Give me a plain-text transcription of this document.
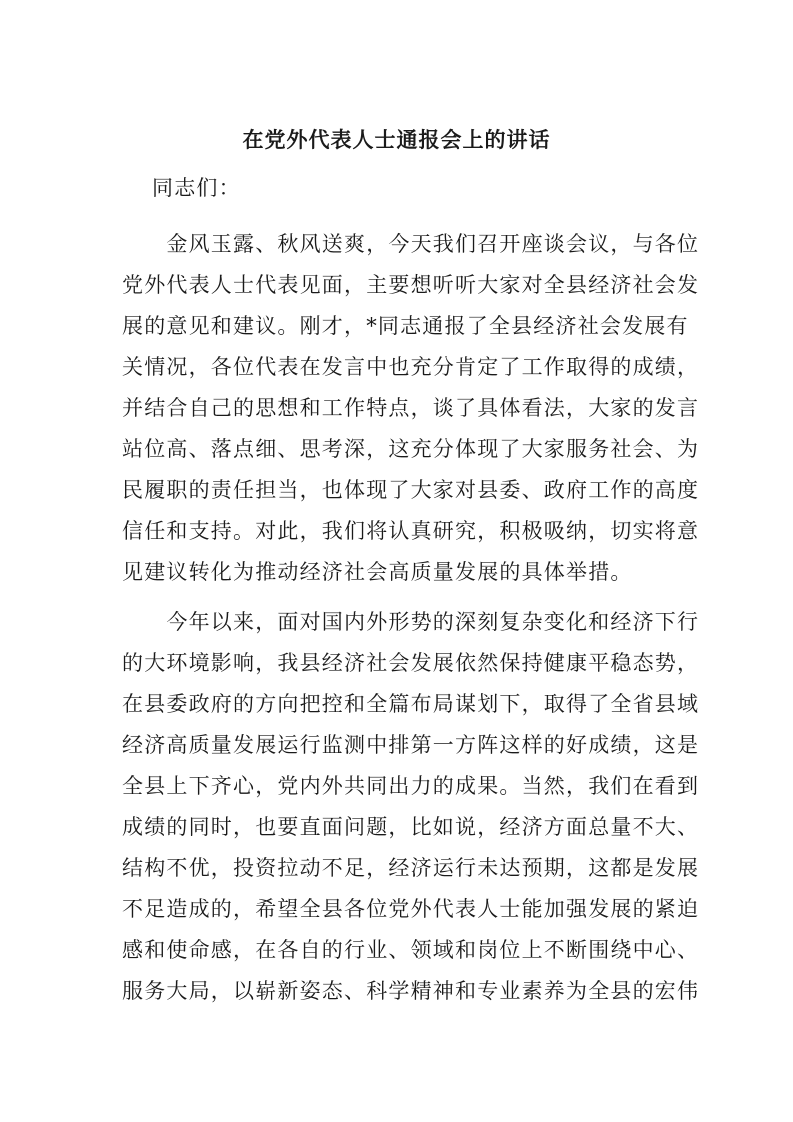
在党外代表人士通报会上的讲话
同志们：
　　金风玉露、秋风送爽，今天我们召开座谈会议，与各位
党外代表人士代表见面，主要想听听大家对全县经济社会发
展的意见和建议。刚才，*同志通报了全县经济社会发展有
关情况，各位代表在发言中也充分肯定了工作取得的成绩，
并结合自己的思想和工作特点，谈了具体看法，大家的发言
站位高、落点细、思考深，这充分体现了大家服务社会、为
民履职的责任担当，也体现了大家对县委、政府工作的高度
信任和支持。对此，我们将认真研究，积极吸纳，切实将意
见建议转化为推动经济社会高质量发展的具体举措。
　　今年以来，面对国内外形势的深刻复杂变化和经济下行
的大环境影响，我县经济社会发展依然保持健康平稳态势，
在县委政府的方向把控和全篇布局谋划下，取得了全省县域
经济高质量发展运行监测中排第一方阵这样的好成绩，这是
全县上下齐心，党内外共同出力的成果。当然，我们在看到
成绩的同时，也要直面问题，比如说，经济方面总量不大、
结构不优，投资拉动不足，经济运行未达预期，这都是发展
不足造成的，希望全县各位党外代表人士能加强发展的紧迫
感和使命感，在各自的行业、领域和岗位上不断围绕中心、
服务大局，以崭新姿态、科学精神和专业素养为全县的宏伟
